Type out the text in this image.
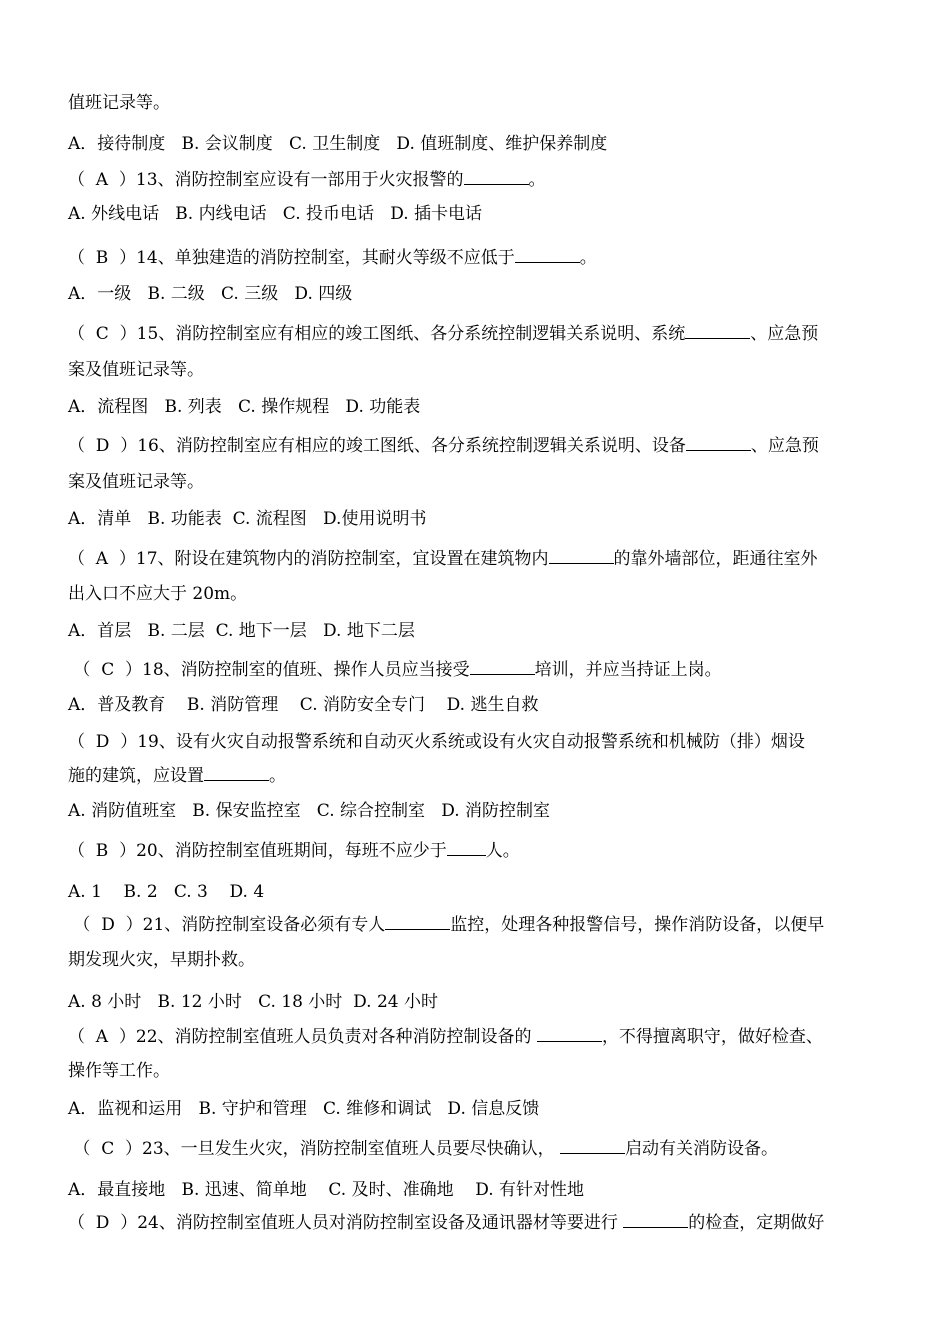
值班记录等。
A．接待制度   B. 会议制度   C. 卫生制度   D. 值班制度、维护保养制度
（  A  ）13、消防控制室应设有一部用于火灾报警的	。
A. 外线电话   B. 内线电话   C. 投币电话   D. 插卡电话
（  B  ）14、单独建造的消防控制室，其耐火等级不应低于	。
A．一级   B. 二级   C. 三级   D. 四级
（  C  ）15、消防控制室应有相应的竣工图纸、各分系统控制逻辑关系说明、系统	、应急预
案及值班记录等。
A．流程图   B. 列表   C. 操作规程   D. 功能表
（  D  ）16、消防控制室应有相应的竣工图纸、各分系统控制逻辑关系说明、设备	、应急预
案及值班记录等。
A．清单   B. 功能表  C. 流程图   D.使用说明书
（  A  ）17、附设在建筑物内的消防控制室，宜设置在建筑物内	的靠外墙部位，距通往室外
出入口不应大于 20m。
A．首层   B. 二层  C. 地下一层   D. 地下二层
（  C  ）18、消防控制室的值班、操作人员应当接受	培训，并应当持证上岗。
A．普及教育    B. 消防管理    C. 消防安全专门    D. 逃生自救
（  D  ）19、设有火灾自动报警系统和自动灭火系统或设有火灾自动报警系统和机械防（排）烟设
施的建筑，应设置	。
A. 消防值班室   B. 保安监控室   C. 综合控制室   D. 消防控制室
（  B  ）20、消防控制室值班期间，每班不应少于 人。
A. 1    B. 2   C. 3    D. 4
（  D  ）21、消防控制室设备必须有专人	监控，处理各种报警信号，操作消防设备，以便早
期发现火灾，早期扑救。
A. 8 小时   B. 12 小时   C. 18 小时  D. 24 小时
（  A  ）22、消防控制室值班人员负责对各种消防控制设备的	，不得擅离职守，做好检查、
操作等工作。
A．监视和运用   B. 守护和管理   C. 维修和调试   D. 信息反馈
（  C  ）23、一旦发生火灾，消防控制室值班人员要尽快确认，	启动有关消防设备。
A．最直接地   B. 迅速、简单地    C. 及时、准确地    D. 有针对性地
（  D  ）24、消防控制室值班人员对消防控制室设备及通讯器材等要进行	的检查，定期做好
